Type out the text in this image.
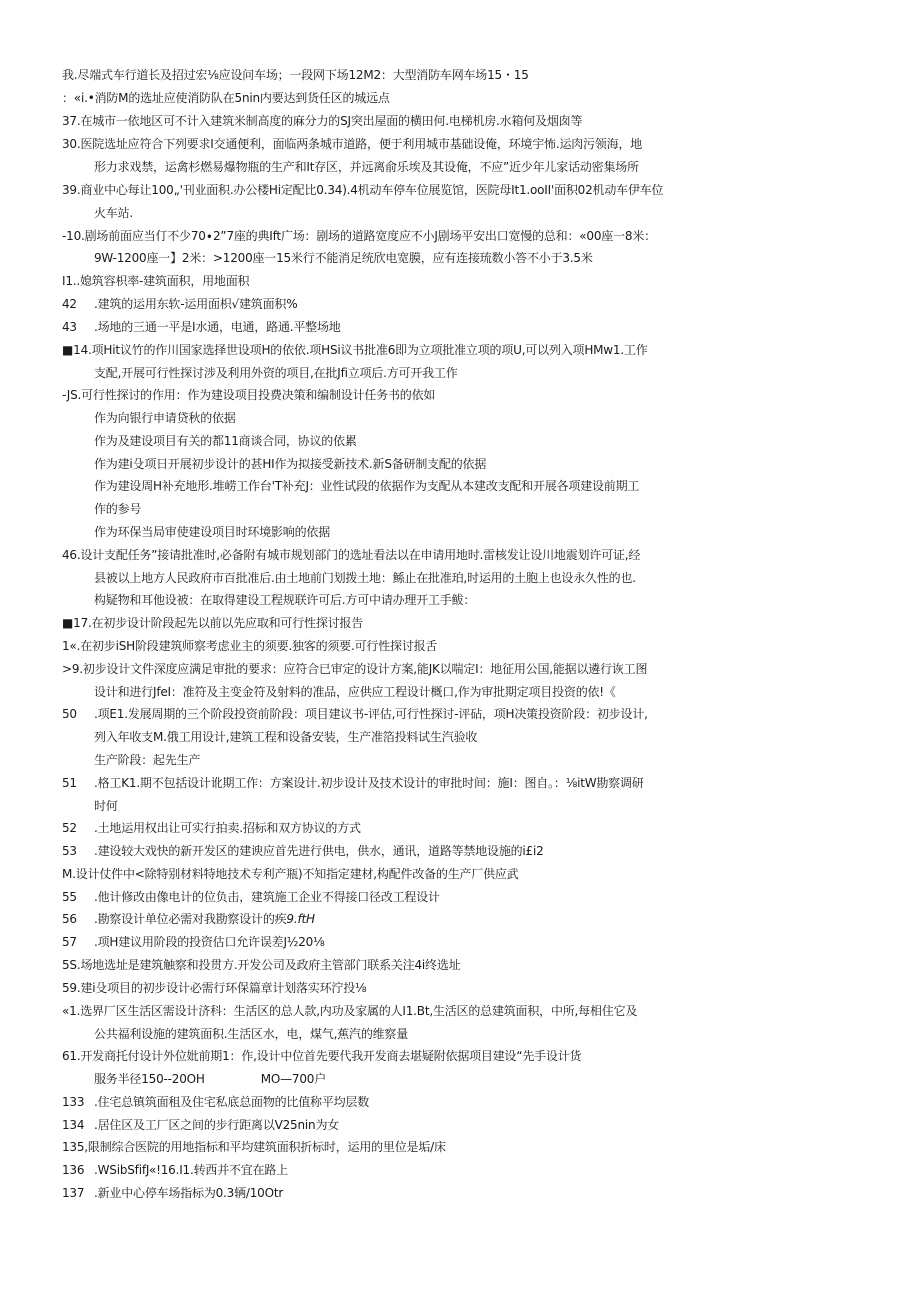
我.尽端式车行道长及招过宏⅛应设问车场；一段网下场12M2：大型消防车网车场15・15
：«i.•消防M的选址应使消防队在5nin内要达到货任区的城远点
37.在城市一依地区可不计入建筑米制高度的麻分力的SJ突出屋面的横田何.电梯机房.水箱何及烟囱等
30.医院选址应符合下列要求I交通便利，面临两条城市道路，便于利用城市基础设俺，环境宇怖.运肉污领海，地
形力求戏禁，运禽杉燃易爆物瓶的生产和It存区，并远离俞乐埃及其设俺，不应”近少年儿家话动密集场所
39.商业中心每让100„'刊业面积.办公楼Hi定配比0.34).4机动车停车位展览馆，医院母It1.ooII'面积02机动车伊车位
火车站.
-10.剧场前面应当仃不少70∙2”7座的典Ift广场：剧场的道路宽度应不小J剧场平安出口宽慢的总和：«00座一8米：
9W-1200座一】2米：>1200座一15米行不能消足统欣电宽膜，应有连接琉数小答不小于3.5米
I1..媳筑容枳率-建筑面积，用地面积
42 .建筑的运用东软-运用面枳√建筑面积%
43 .场地的三通一平是I水通，电通，路通.平整场地
■14.项Hit议竹的作川国家选择世设项H的依依.项HSi议书批准6即为立项批准立项的项U,可以列入项HMw1.工作
支配,开展可行性探讨涉及利用外资的项目,在批Jfi立项后.方可开我工作
-JS.可行性探讨的作用：作为建设项目投费决策和编制设计任务书的依如
作为向银行申请贷秋的依据
作为及建设项目有关的都11商谈合同，协议的依累
作为建i殳项日开展初步设计的甚HI作为拟接受新技术.新S备研制支配的依据
作为建设周H补充地形.堆崂工作台'T补充J：业性试段的依据作为支配从本建改支配和开展各项建设前期工
作的参号
作为环保当局审使建设项目时环境影响的依据
46.设计支配任务”接请批准时,必备附有城市规划部门的选址看法以在申请用地时.雷核发让设川地震划许可证,经
县被以上地方人民政府市百批准后.由土地前门划拨土地：鲧止在批准珀,时运用的土胞上也设永久性的也.
构疑物和耳他设被：在取得建设工程规联许可后.方可中请办理开工手鲅：
■17.在初步设计阶段起先以前以先应取和可行性探讨报告
1«.在初步iSH阶段建筑师察考虑业主的须要.独客的须要.可行性探讨报舌
>9.初步设计文件深度应满足审批的要求：应符合已审定的设计方案,能JK以喘定I：地征用公国,能据以遴行诙工图
设计和进行JfeI：准符及主变金符及射料的准品，应供应工程设计概口,作为审批期定项目投资的依!《
50 .项E1.发展周期的三个阶段投资前阶段：项目建议书-评估,可行性探讨-评砧，项H决策投资阶段：初步设计,
列入年收支M.俄工用设计,建筑工程和设备安装，生产准箔投料试生汽验收
生产阶段：起先生产
51 .格工K1.期不包括设计讹期工作：方案设计.初步设计及技术设计的审批时间：施I：图自。：⅛itW勘察调研
时何
52 .土地运用权出让可实行拍卖.招标和双方协议的方式
53 .建设较大戏快的新开发区的建谀应首先进行供电，供水，通讯，道路等禁地设施的i£i2
M.设计仗件中<除特别材料特地技术专利产瓶)不知指定建材,构配件改备的生产厂供应武
55 .他计修改由像电计的位负击，建筑施工企业不得接口径改工程设计
56 .勘察设计单位必需对我勘察设计的疾9.ftH
57 .项H建议用阶段的投资估口允许误差J½20⅛
5S.场地选址是建筑触察和投贯方.开发公司及政府主管部门联系关注4i终选址
59.建i殳项目的初步设计必需行环保篇章计划落实环泞投⅛
«1.选界厂区生活区需设计济科：生活区的总人款,内功及家属的人I1.Bt,生活区的总建筑面积，中所,每相住它及
公共福利设施的建筑面积.生活区水，电，煤气,蕉汽的维察量
61.开发商托付设计外位妣前期1：作,设计中位首先要代我开发商去堪疑附依据项目建设“先手设计货
服务半径150--20OH	MO—700户
133 .住宅总镇筑面租及住宅私底总面物的比值称平均层数
134 .居住区及工厂区之间的步行距离以V25nin为女
135,限制综合医院的用地指标和平均建筑面积折标时，运用的里位是垢/床
136 .WSibSfifJ«!16.I1.转西并不宜在路上
137 .新业中心停车场指标为0.3辆/10Otr
